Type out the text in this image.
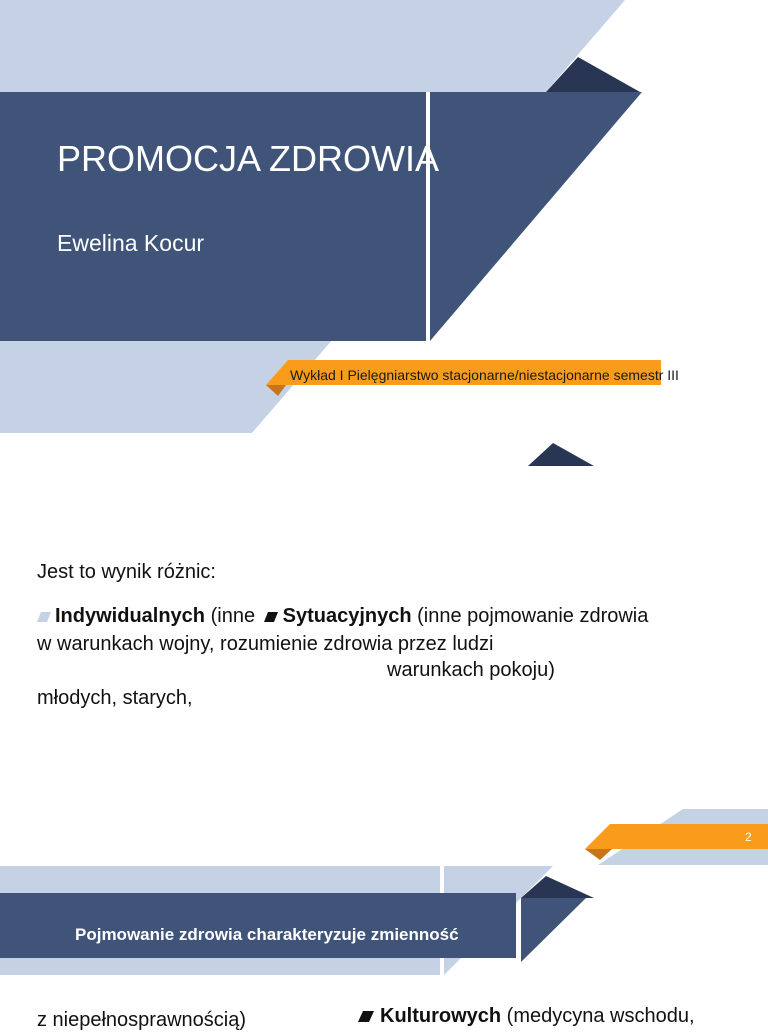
PROMOCJA ZDROWIA
Ewelina Kocur
Wykład I Pielęgniarstwo stacjonarne/niestacjonarne semestr III
Jest to wynik różnic:
Indywidualnych (inne Sytuacyjnych (inne pojmowanie zdrowia
w warunkach wojny, rozumienie zdrowia przez ludzi
warunkach pokoju)
młodych, starych,
2
Pojmowanie zdrowia charakteryzuje zmienność
z niepełnosprawnością)	Kulturowych (medycyna wschodu,
